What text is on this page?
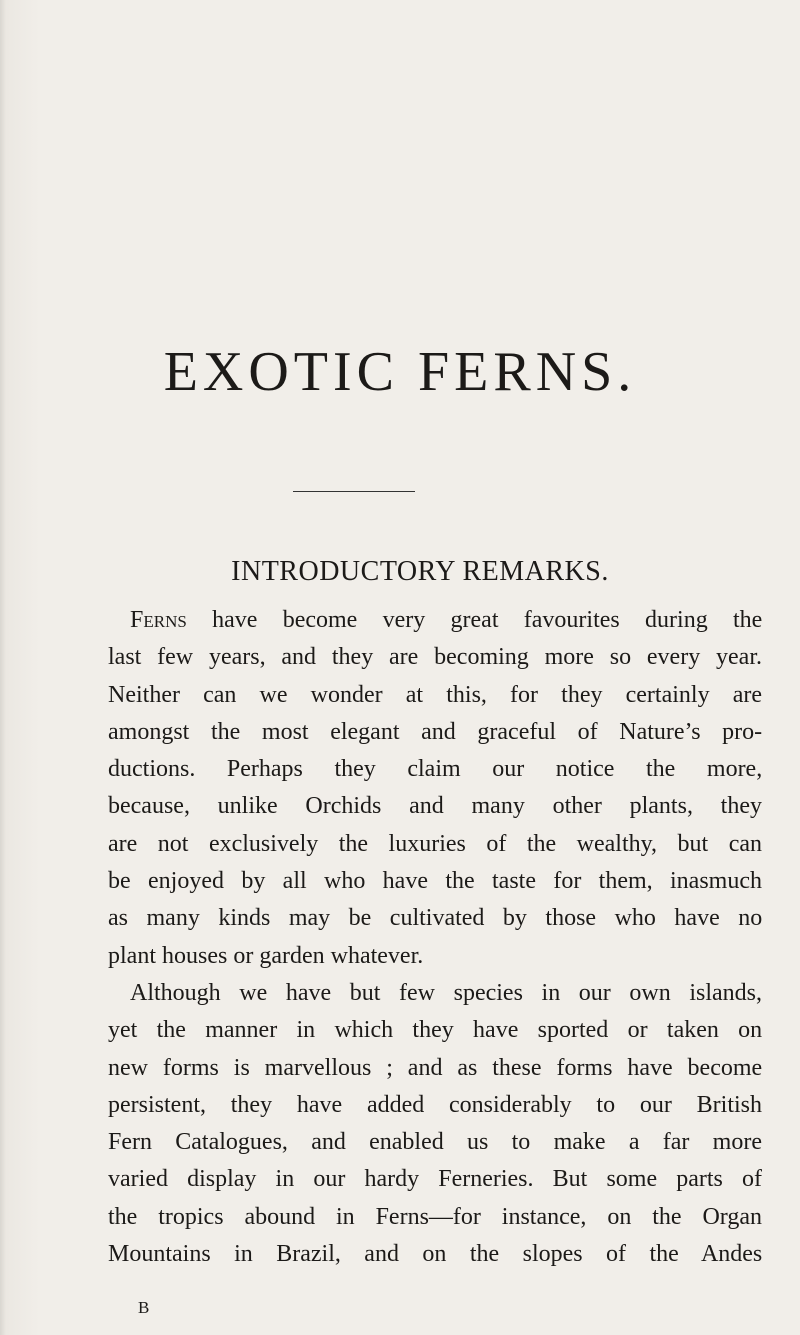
EXOTIC FERNS.
INTRODUCTORY REMARKS.
Ferns have become very great favourites during the
last few years, and they are becoming more so every year.
Neither can we wonder at this, for they certainly are
amongst the most elegant and graceful of Nature’s pro-
ductions. Perhaps they claim our notice the more,
because, unlike Orchids and many other plants, they
are not exclusively the luxuries of the wealthy, but can
be enjoyed by all who have the taste for them, inasmuch
as many kinds may be cultivated by those who have no
plant houses or garden whatever.
Although we have but few species in our own islands,
yet the manner in which they have sported or taken on
new forms is marvellous ; and as these forms have become
persistent, they have added considerably to our British
Fern Catalogues, and enabled us to make a far more
varied display in our hardy Ferneries. But some parts of
the tropics abound in Ferns—for instance, on the Organ
Mountains in Brazil, and on the slopes of the Andes
B
